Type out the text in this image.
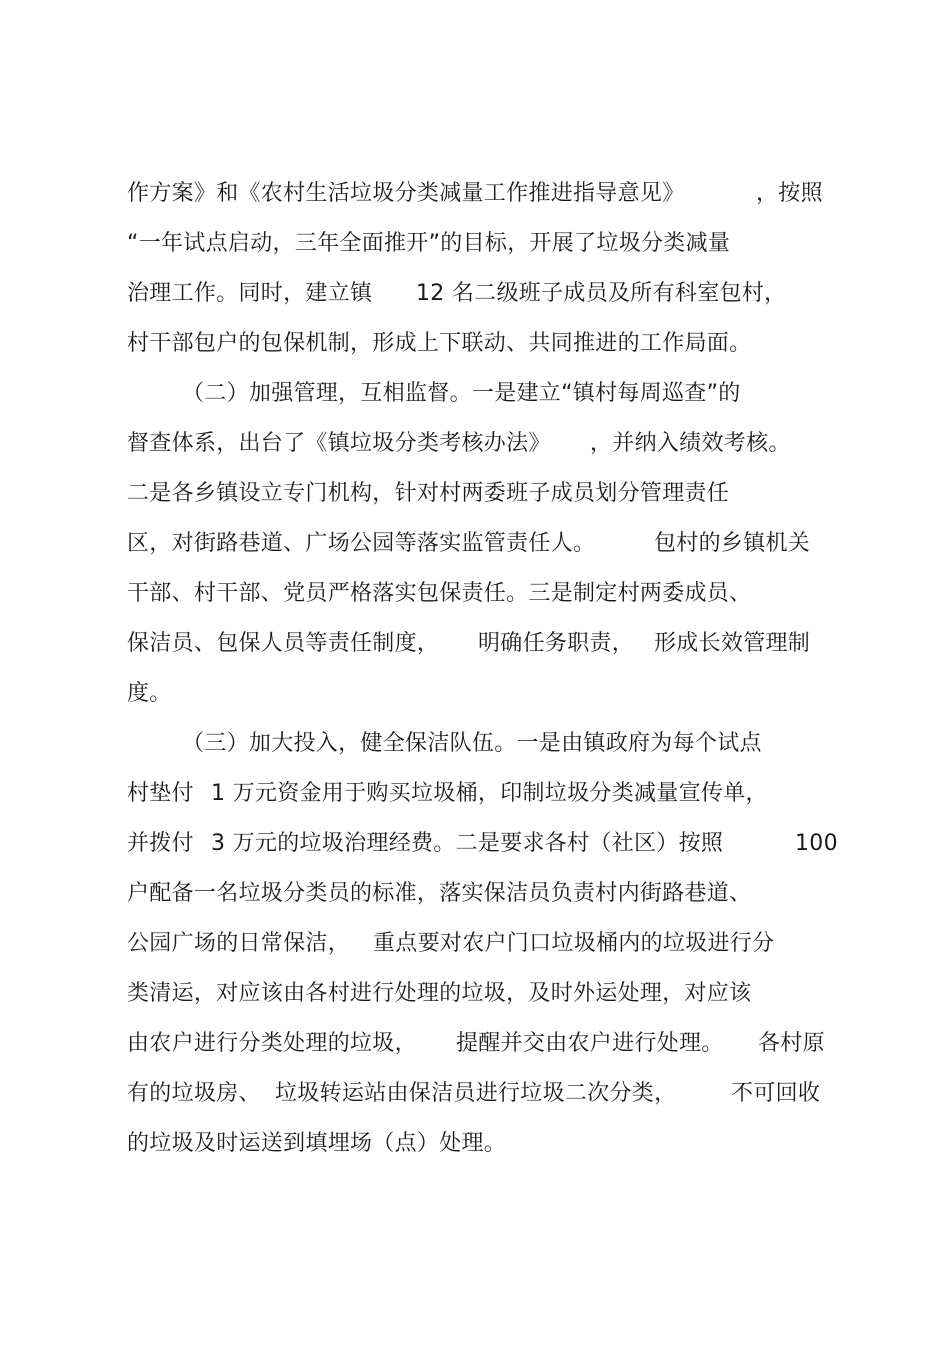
作方案》和《农村生活垃圾分类减量工作推进指导意见》	，按照
“一年试点启动，三年全面推开”的目标，开展了垃圾分类减量
治理工作。同时，建立镇 12 名二级班子成员及所有科室包村，
村干部包户的包保机制，形成上下联动、共同推进的工作局面。
（二）加强管理，互相监督。一是建立“镇村每周巡查”的
督查体系，出台了《镇垃圾分类考核办法》 ，并纳入绩效考核。
二是各乡镇设立专门机构，针对村两委班子成员划分管理责任
区，对街路巷道、广场公园等落实监管责任人。	包村的乡镇机关
干部、村干部、党员严格落实包保责任。三是制定村两委成员、
保洁员、包保人员等责任制度， 明确任务职责， 形成长效管理制
度。
（三）加大投入，健全保洁队伍。一是由镇政府为每个试点
村垫付 1 万元资金用于购买垃圾桶，印制垃圾分类减量宣传单，
并拨付 3 万元的垃圾治理经费。二是要求各村（社区）按照	100
户配备一名垃圾分类员的标准，落实保洁员负责村内街路巷道、
公园广场的日常保洁， 重点要对农户门口垃圾桶内的垃圾进行分
类清运，对应该由各村进行处理的垃圾，及时外运处理，对应该
由农户进行分类处理的垃圾， 提醒并交由农户进行处理。 各村原
有的垃圾房、 垃圾转运站由保洁员进行垃圾二次分类， 不可回收
的垃圾及时运送到填埋场（点）处理。
